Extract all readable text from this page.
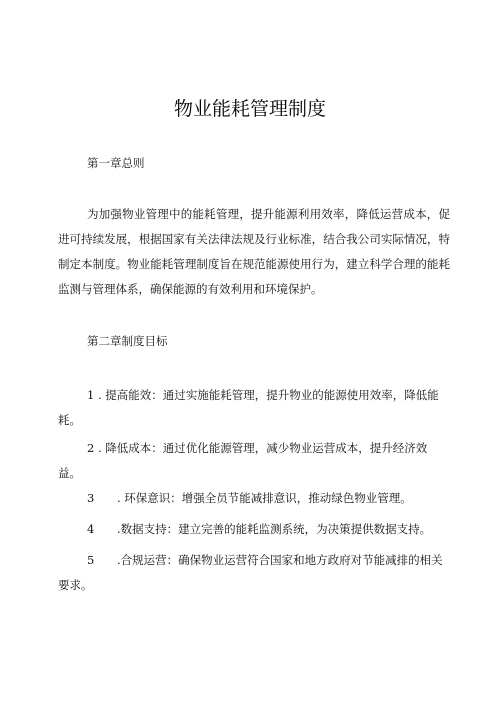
物业能耗管理制度
第一章总则

为加强物业管理中的能耗管理，提升能源利用效率，降低运营成本，促进可持续发展，根据国家有关法律法规及行业标准，结合我公司实际情况，特制定本制度。物业能耗管理制度旨在规范能源使用行为，建立科学合理的能耗监测与管理体系，确保能源的有效利用和环境保护。

第二章制度目标

1 . 提高能效：通过实施能耗管理，提升物业的能源使用效率，降低能耗。

2 . 降低成本：通过优化能源管理，减少物业运营成本，提升经济效益。

3 . 环保意识：增强全员节能减排意识，推动绿色物业管理。

4 .数据支持：建立完善的能耗监测系统，为决策提供数据支持。

5 .合规运营：确保物业运营符合国家和地方政府对节能减排的相关要求。
